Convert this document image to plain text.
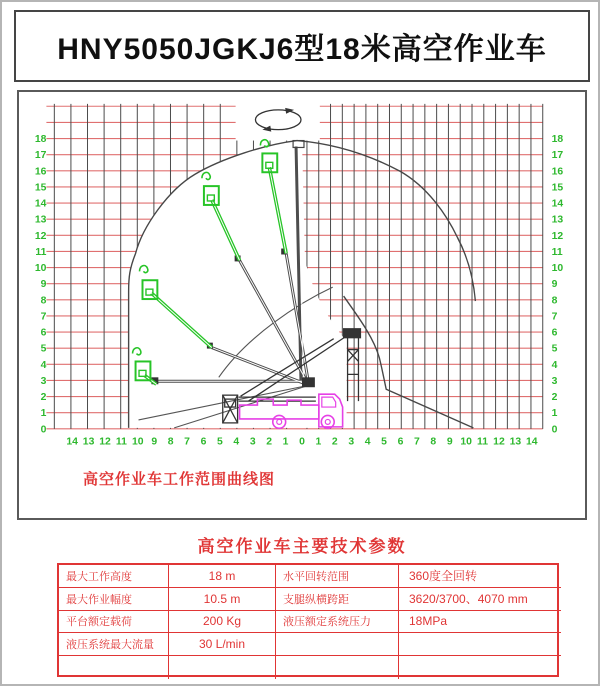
HNY5050JGKJ6型18米高空作业车
18
17
16
15
14
13
12
11
10
9
8
7
6
5
4
3
2
1
0
18
17
16
15
14
13
12
11
10
9
8
7
6
5
4
3
2
1
0
14 13 12 11 10 9 8 7 6 5 4 3 2 1 0 1 2 3 4 5 6 7 8 9 10 11 12 13 14
高空作业车工作范围曲线图
高空作业车主要技术参数
最大工作高度	18 m	水平回转范围	360度全回转
最大作业幅度	10.5 m	支腿纵横跨距	3620/3700、4070 mm
平台额定载荷	200 Kg	液压额定系统压力	18MPa
液压系统最大流量	30 L/min
